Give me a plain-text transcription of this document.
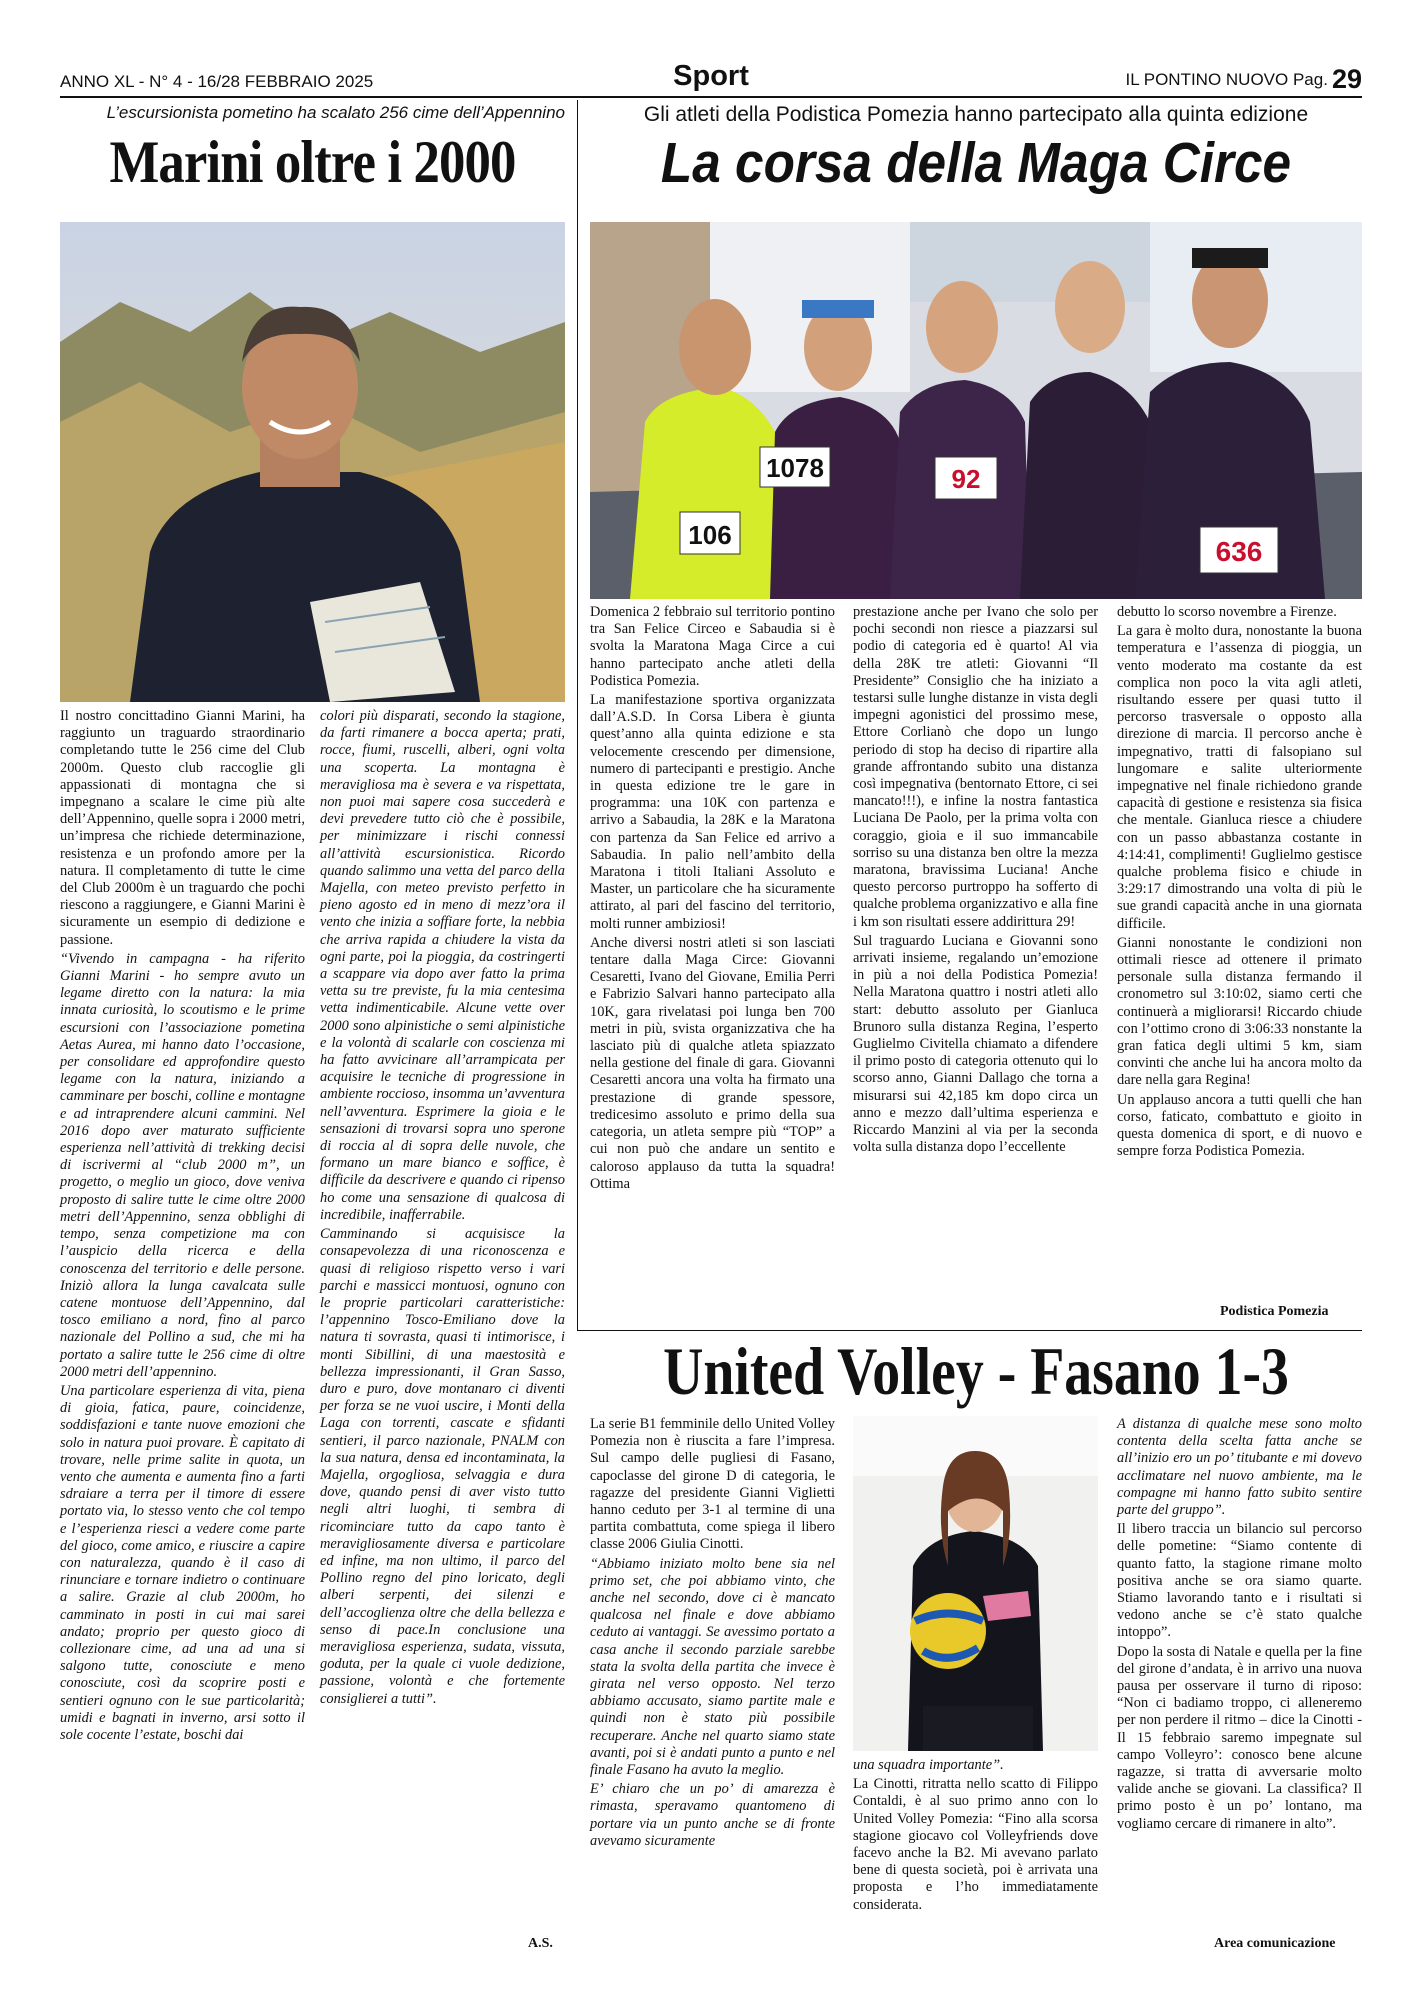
ANNO XL - N° 4 - 16/28 FEBBRAIO 2025	Sport	IL PONTINO NUOVO Pag. 29
L’escursionista pometino ha scalato 256 cime dell’Appennino
Marini oltre i 2000

Il nostro concittadino Gianni Marini, ha raggiunto un traguardo straordinario completando tutte le 256 cime del Club 2000m. Questo club raccoglie gli appassionati di montagna che si impegnano a scalare le cime più alte dell’Appennino, quelle sopra i 2000 metri, un’impresa che richiede determinazione, resistenza e un profondo amore per la natura. Il completamento di tutte le cime del Club 2000m è un traguardo che pochi riescono a raggiungere, e Gianni Marini è sicuramente un esempio di dedizione e passione.

“Vivendo in campagna - ha riferito Gianni Marini - ho sempre avuto un legame diretto con la natura: la mia innata curiosità, lo scoutismo e le prime escursioni con l’associazione pometina Aetas Aurea, mi hanno dato l’occasione, per consolidare ed approfondire questo legame con la natura, iniziando a camminare per boschi, colline e montagne e ad intraprendere alcuni cammini. Nel 2016 dopo aver maturato sufficiente esperienza nell’attività di trekking decisi di iscrivermi al “club 2000 m”, un progetto, o meglio un gioco, dove veniva proposto di salire tutte le cime oltre 2000 metri dell’Appennino, senza obblighi di tempo, senza competizione ma con l’auspicio della ricerca e della conoscenza del territorio e delle persone. Iniziò allora la lunga cavalcata sulle catene montuose dell’Appennino, dal tosco emiliano a nord, fino al parco nazionale del Pollino a sud, che mi ha portato a salire tutte le 256 cime di oltre 2000 metri dell’appennino.

Una particolare esperienza di vita, piena di gioia, fatica, paure, coincidenze, soddisfazioni e tante nuove emozioni che solo in natura puoi provare. È capitato di trovare, nelle prime salite in quota, un vento che aumenta e aumenta fino a farti sdraiare a terra per il timore di essere portato via, lo stesso vento che col tempo e l’esperienza riesci a vedere come parte del gioco, come amico, e riuscire a capire con naturalezza, quando è il caso di rinunciare e tornare indietro o continuare a salire. Grazie al club 2000m, ho camminato in posti in cui mai sarei andato; proprio per questo gioco di collezionare cime, ad una ad una si salgono tutte, conosciute e meno conosciute, così da scoprire posti e sentieri ognuno con le sue particolarità; umidi e bagnati in inverno, arsi sotto il sole cocente l’estate, boschi dai

colori più disparati, secondo la stagione, da farti rimanere a bocca aperta; prati, rocce, fiumi, ruscelli, alberi, ogni volta una scoperta. La montagna è meravigliosa ma è severa e va rispettata, non puoi mai sapere cosa succederà e devi prevedere tutto ciò che è possibile, per minimizzare i rischi connessi all’attività escursionistica. Ricordo quando salimmo una vetta del parco della Majella, con meteo previsto perfetto in pieno agosto ed in meno di mezz’ora il vento che inizia a soffiare forte, la nebbia che arriva rapida a chiudere la vista da ogni parte, poi la pioggia, da costringerti a scappare via dopo aver fatto la prima vetta su tre previste, fu la mia centesima vetta indimenticabile. Alcune vette over 2000 sono alpinistiche o semi alpinistiche e la volontà di scalarle con coscienza mi ha fatto avvicinare all’arrampicata per acquisire le tecniche di progressione in ambiente roccioso, insomma un’avventura nell’avventura. Esprimere la gioia e le sensazioni di trovarsi sopra uno sperone di roccia al di sopra delle nuvole, che formano un mare bianco e soffice, è difficile da descrivere e quando ci ripenso ho come una sensazione di qualcosa di incredibile, inafferrabile.

Camminando si acquisisce la consapevolezza di una riconoscenza e quasi di religioso rispetto verso i vari parchi e massicci montuosi, ognuno con le proprie particolari caratteristiche: l’appennino Tosco-Emiliano dove la natura ti sovrasta, quasi ti intimorisce, i monti Sibillini, di una maestosità e bellezza impressionanti, il Gran Sasso, duro e puro, dove montanaro ci diventi per forza se ne vuoi uscire, i Monti della Laga con torrenti, cascate e sfidanti sentieri, il parco nazionale, PNALM con la sua natura, densa ed incontaminata, la Majella, orgogliosa, selvaggia e dura dove, quando pensi di aver visto tutto negli altri luoghi, ti sembra di ricominciare tutto da capo tanto è meravigliosamente diversa e particolare ed infine, ma non ultimo, il parco del Pollino regno del pino loricato, degli alberi serpenti, dei silenzi e dell’accoglienza oltre che della bellezza e senso di pace.In conclusione una meravigliosa esperienza, sudata, vissuta, goduta, per la quale ci vuole dedizione, passione, volontà e che fortemente consiglierei a tutti”.

A.S.
Gli atleti della Podistica Pomezia hanno partecipato alla quinta edizione
La corsa della Maga Circe
1078	92
636
106

Domenica 2 febbraio sul territorio pontino tra San Felice Circeo e Sabaudia si è svolta la Maratona Maga Circe a cui hanno partecipato anche atleti della Podistica Pomezia.

La manifestazione sportiva organizzata dall’A.S.D. In Corsa Libera è giunta quest’anno alla quinta edizione e sta velocemente crescendo per dimensione, numero di partecipanti e prestigio. Anche in questa edizione tre le gare in programma: una 10K con partenza e arrivo a Sabaudia, la 28K e la Maratona con partenza da San Felice ed arrivo a Sabaudia. In palio nell’ambito della Maratona i titoli Italiani Assoluto e Master, un particolare che ha sicuramente attirato, al pari del fascino del territorio, molti runner ambiziosi!

Anche diversi nostri atleti si son lasciati tentare dalla Maga Circe: Giovanni Cesaretti, Ivano del Giovane, Emilia Perri e Fabrizio Salvari hanno partecipato alla 10K, gara rivelatasi poi lunga ben 700 metri in più, svista organizzativa che ha lasciato più di qualche atleta spiazzato nella gestione del finale di gara. Giovanni Cesaretti ancora una volta ha firmato una prestazione di grande spessore, tredicesimo assoluto e primo della sua categoria, un atleta sempre più “TOP” a cui non può che andare un sentito e caloroso applauso da tutta la squadra! Ottima

prestazione anche per Ivano che solo per pochi secondi non riesce a piazzarsi sul podio di categoria ed è quarto! Al via della 28K tre atleti: Giovanni “Il Presidente” Consiglio che ha iniziato a testarsi sulle lunghe distanze in vista degli impegni agonistici del prossimo mese, Ettore Corlianò che dopo un lungo periodo di stop ha deciso di ripartire alla grande affrontando subito una distanza così impegnativa (bentornato Ettore, ci sei mancato!!!), e infine la nostra fantastica Luciana De Paolo, per la prima volta con coraggio, gioia e il suo immancabile sorriso su una distanza ben oltre la mezza maratona, bravissima Luciana! Anche questo percorso purtroppo ha sofferto di qualche problema organizzativo e alla fine i km son risultati essere addirittura 29!

Sul traguardo Luciana e Giovanni sono arrivati insieme, regalando un’emozione in più a noi della Podistica Pomezia! Nella Maratona quattro i nostri atleti allo start: debutto assoluto per Gianluca Brunoro sulla distanza Regina, l’esperto Guglielmo Civitella chiamato a difendere il primo posto di categoria ottenuto qui lo scorso anno, Gianni Dallago che torna a misurarsi sui 42,185 km dopo circa un anno e mezzo dall’ultima esperienza e Riccardo Manzini al via per la seconda volta sulla distanza dopo l’eccellente

debutto lo scorso novembre a Firenze.

La gara è molto dura, nonostante la buona temperatura e l’assenza di pioggia, un vento moderato ma costante da est complica non poco la vita agli atleti, risultando essere per quasi tutto il percorso trasversale o opposto alla direzione di marcia. Il percorso anche è impegnativo, tratti di falsopiano sul lungomare e salite ulteriormente impegnative nel finale richiedono grande capacità di gestione e resistenza sia fisica che mentale. Gianluca riesce a chiudere con un passo abbastanza costante in 4:14:41, complimenti! Guglielmo gestisce qualche problema fisico e chiude in 3:29:17 dimostrando una volta di più le sue grandi capacità anche in una giornata difficile.

Gianni nonostante le condizioni non ottimali riesce ad ottenere il primato personale sulla distanza fermando il cronometro sul 3:10:02, siamo certi che continuerà a migliorarsi! Riccardo chiude con l’ottimo crono di 3:06:33 nonstante la gran fatica degli ultimi 5 km, siam convinti che anche lui ha ancora molto da dare nella gara Regina!

Un applauso ancora a tutti quelli che han corso, faticato, combattuto e gioito in questa domenica di sport, e di nuovo e sempre forza Podistica Pomezia.

Podistica Pomezia
United Volley - Fasano 1-3

La serie B1 femminile dello United Volley Pomezia non è riuscita a fare l’impresa. Sul campo delle pugliesi di Fasano, capoclasse del girone D di categoria, le ragazze del presidente Gianni Viglietti hanno ceduto per 3-1 al termine di una partita combattuta, come spiega il libero classe 2006 Giulia Cinotti.

“Abbiamo iniziato molto bene sia nel primo set, che poi abbiamo vinto, che anche nel secondo, dove ci è mancato qualcosa nel finale e dove abbiamo ceduto ai vantaggi. Se avessimo portato a casa anche il secondo parziale sarebbe stata la svolta della partita che invece è girata nel verso opposto. Nel terzo abbiamo accusato, siamo partite male e quindi non è stato più possibile recuperare. Anche nel quarto siamo state avanti, poi si è andati punto a punto e nel finale Fasano ha avuto la meglio.

E’ chiaro che un po’ di amarezza è rimasta, speravamo quantomeno di portare via un punto anche se di fronte avevamo sicuramente

una squadra importante”.

La Cinotti, ritratta nello scatto di Filippo Contaldi, è al suo primo anno con lo United Volley Pomezia: “Fino alla scorsa stagione giocavo col Volleyfriends dove facevo anche la B2. Mi avevano parlato bene di questa società, poi è arrivata una proposta e l’ho immediatamente considerata.

A distanza di qualche mese sono molto contenta della scelta fatta anche se all’inizio ero un po’ titubante e mi dovevo acclimatare nel nuovo ambiente, ma le compagne mi hanno fatto subito sentire parte del gruppo”.

Il libero traccia un bilancio sul percorso delle pometine: “Siamo contente di quanto fatto, la stagione rimane molto positiva anche se ora siamo quarte. Stiamo lavorando tanto e i risultati si vedono anche se c’è stato qualche intoppo”.

Dopo la sosta di Natale e quella per la fine del girone d’andata, è in arrivo una nuova pausa per osservare il turno di riposo: “Non ci badiamo troppo, ci alleneremo per non perdere il ritmo – dice la Cinotti - Il 15 febbraio saremo impegnate sul campo Volleyro’: conosco bene alcune ragazze, si tratta di avversarie molto valide anche se giovani. La classifica? Il primo posto è un po’ lontano, ma vogliamo cercare di rimanere in alto”.

Area comunicazione
